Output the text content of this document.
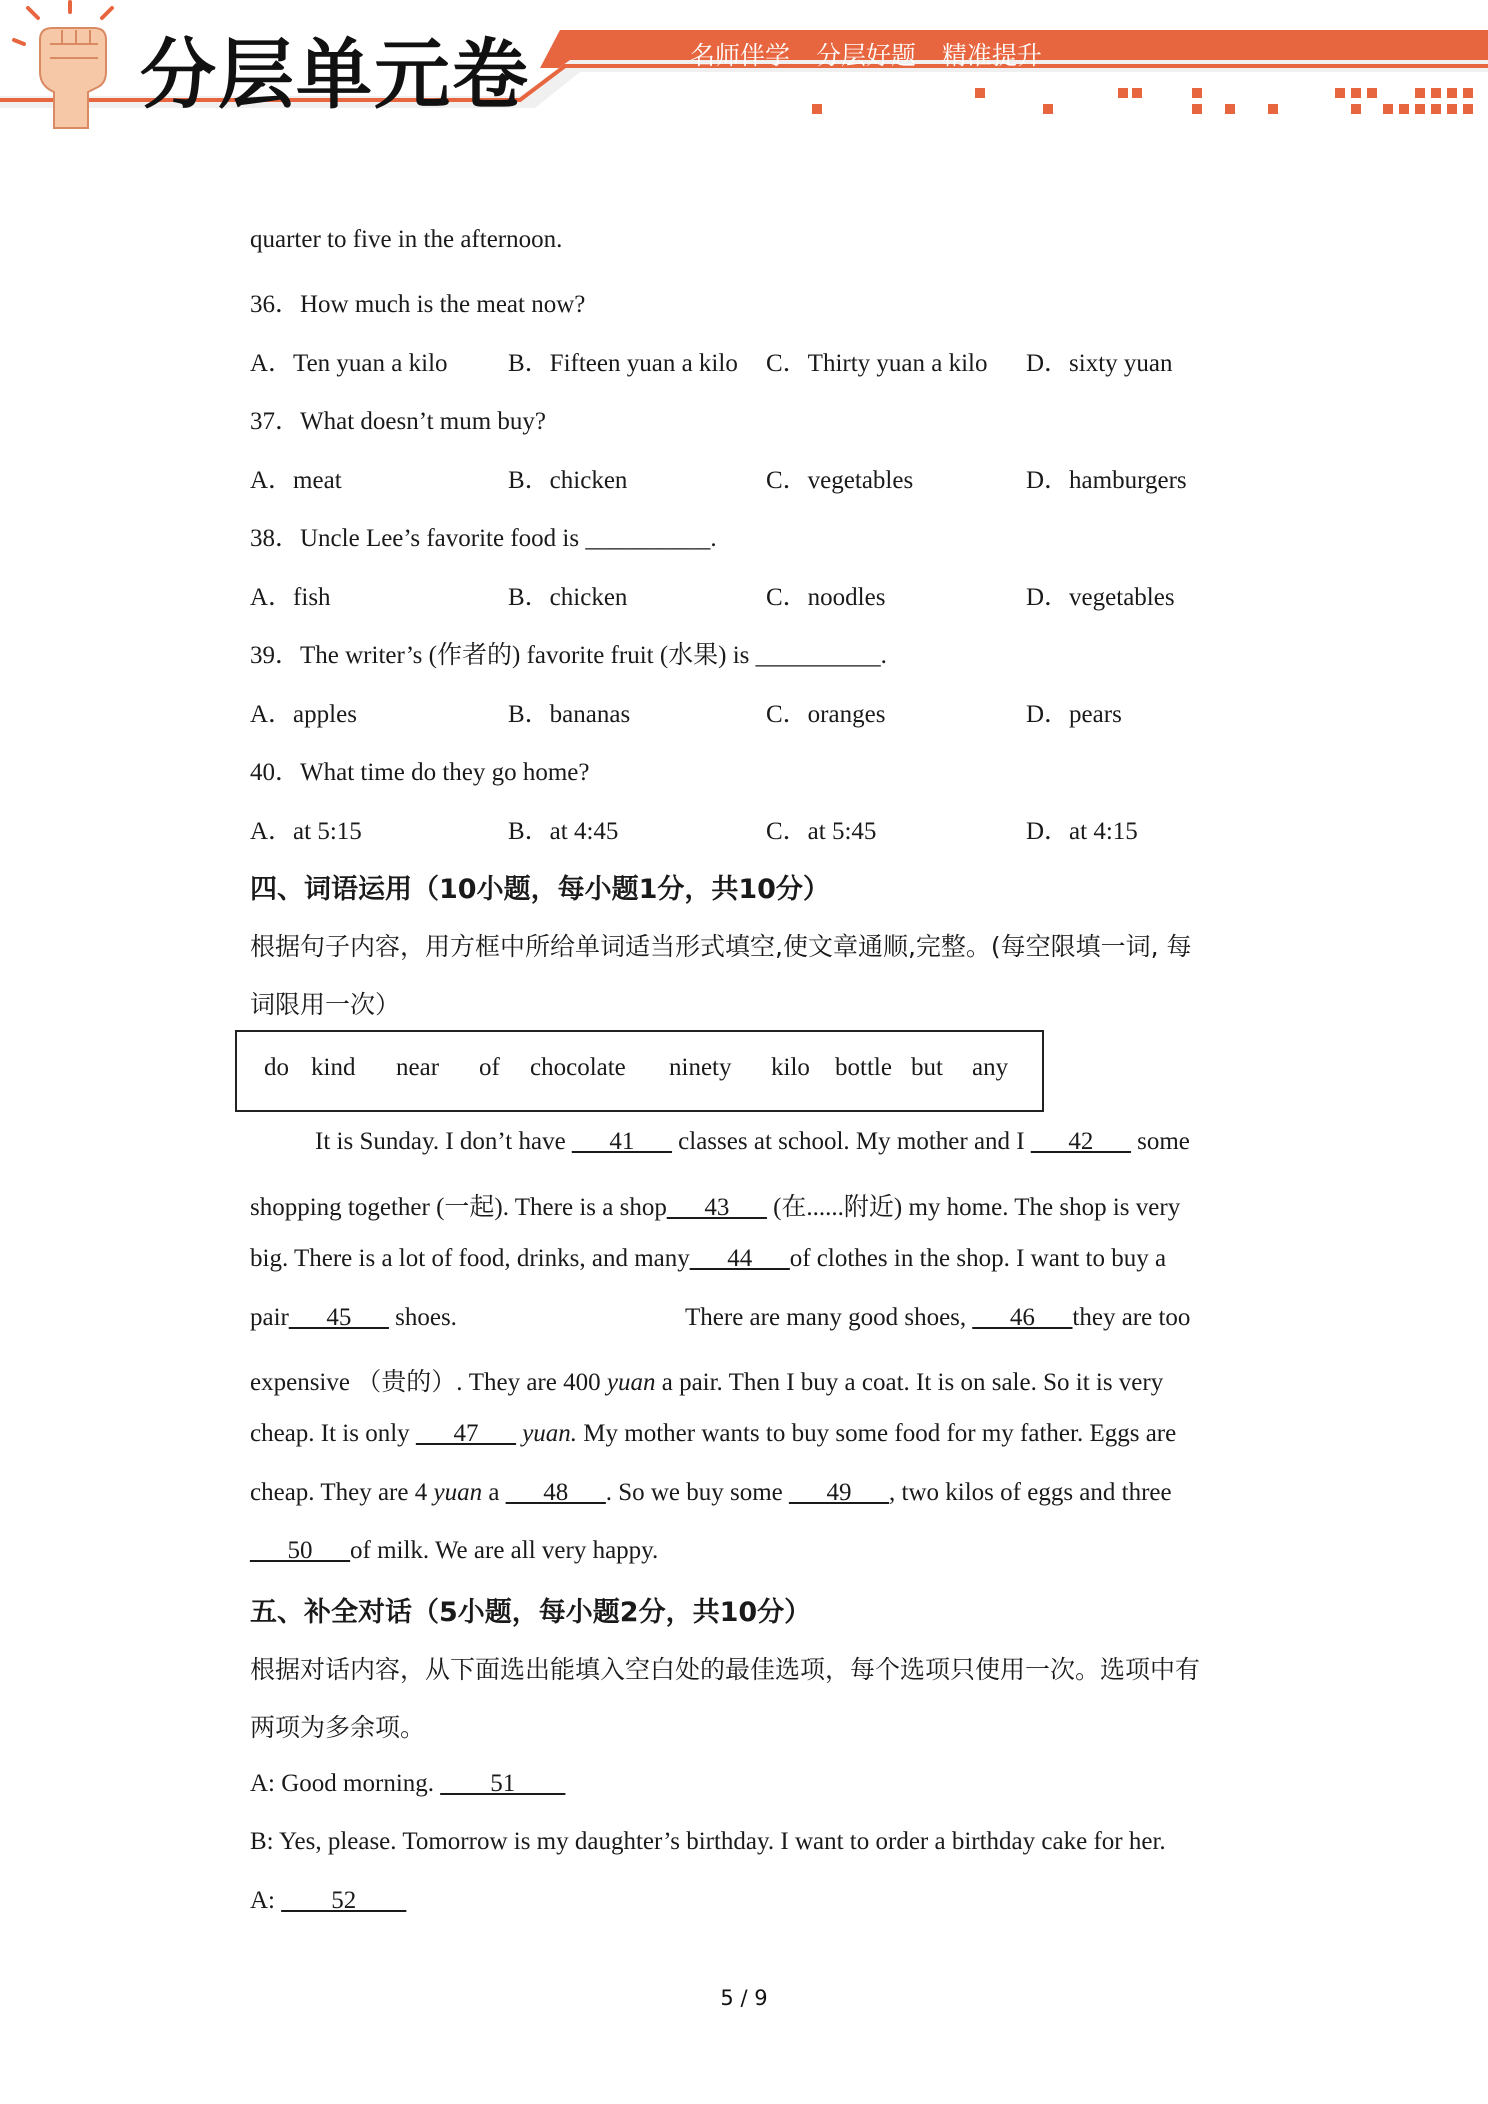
分层单元卷	名师伴学 分层好题 精准提升
quarter to five in the afternoon.
36．How much is the meat now?
A．Ten yuan a kilo B．Fifteen yuan a kilo C．Thirty yuan a kilo D．sixty yuan
37．What doesn’t mum buy?
A．meat	B．chicken	C．vegetables	D．hamburgers
38．Uncle Lee’s favorite food is __________.
A．fish	B．chicken	C．noodles	D．vegetables
39．The writer’s (作者的) favorite fruit (水果) is __________.
A．apples	B．bananas	C．oranges	D．pears
40．What time do they go home?
A．at 5:15	B．at 4:45	C．at 5:45	D．at 4:15
四、词语运用（10小题，每小题1分，共10分）
根据句子内容，用方框中所给单词适当形式填空,使文章通顺,完整。(每空限填一词, 每
词限用一次）
do kind near of chocolate ninety kilo bottle but any
It is Sunday. I don’t have ___41___ classes at school. My mother and I ___42___ some
shopping together (一起). There is a shop___43___ (在......附近) my home. The shop is very
big. There is a lot of food, drinks, and many___44___of clothes in the shop. I want to buy a
pair___45___ shoes.	There are many good shoes, ___46___they are too
expensive （贵的）. They are 400 yuan a pair. Then I buy a coat. It is on sale. So it is very
cheap. It is only ___47___ yuan. My mother wants to buy some food for my father. Eggs are
cheap. They are 4 yuan a ___48___. So we buy some ___49___, two kilos of eggs and three
___50___of milk. We are all very happy.
五、补全对话（5小题，每小题2分，共10分）
根据对话内容，从下面选出能填入空白处的最佳选项，每个选项只使用一次。选项中有
两项为多余项。
A: Good morning. ____51____
B: Yes, please. Tomorrow is my daughter’s birthday. I want to order a birthday cake for her.
A: ____52____
5 / 9
